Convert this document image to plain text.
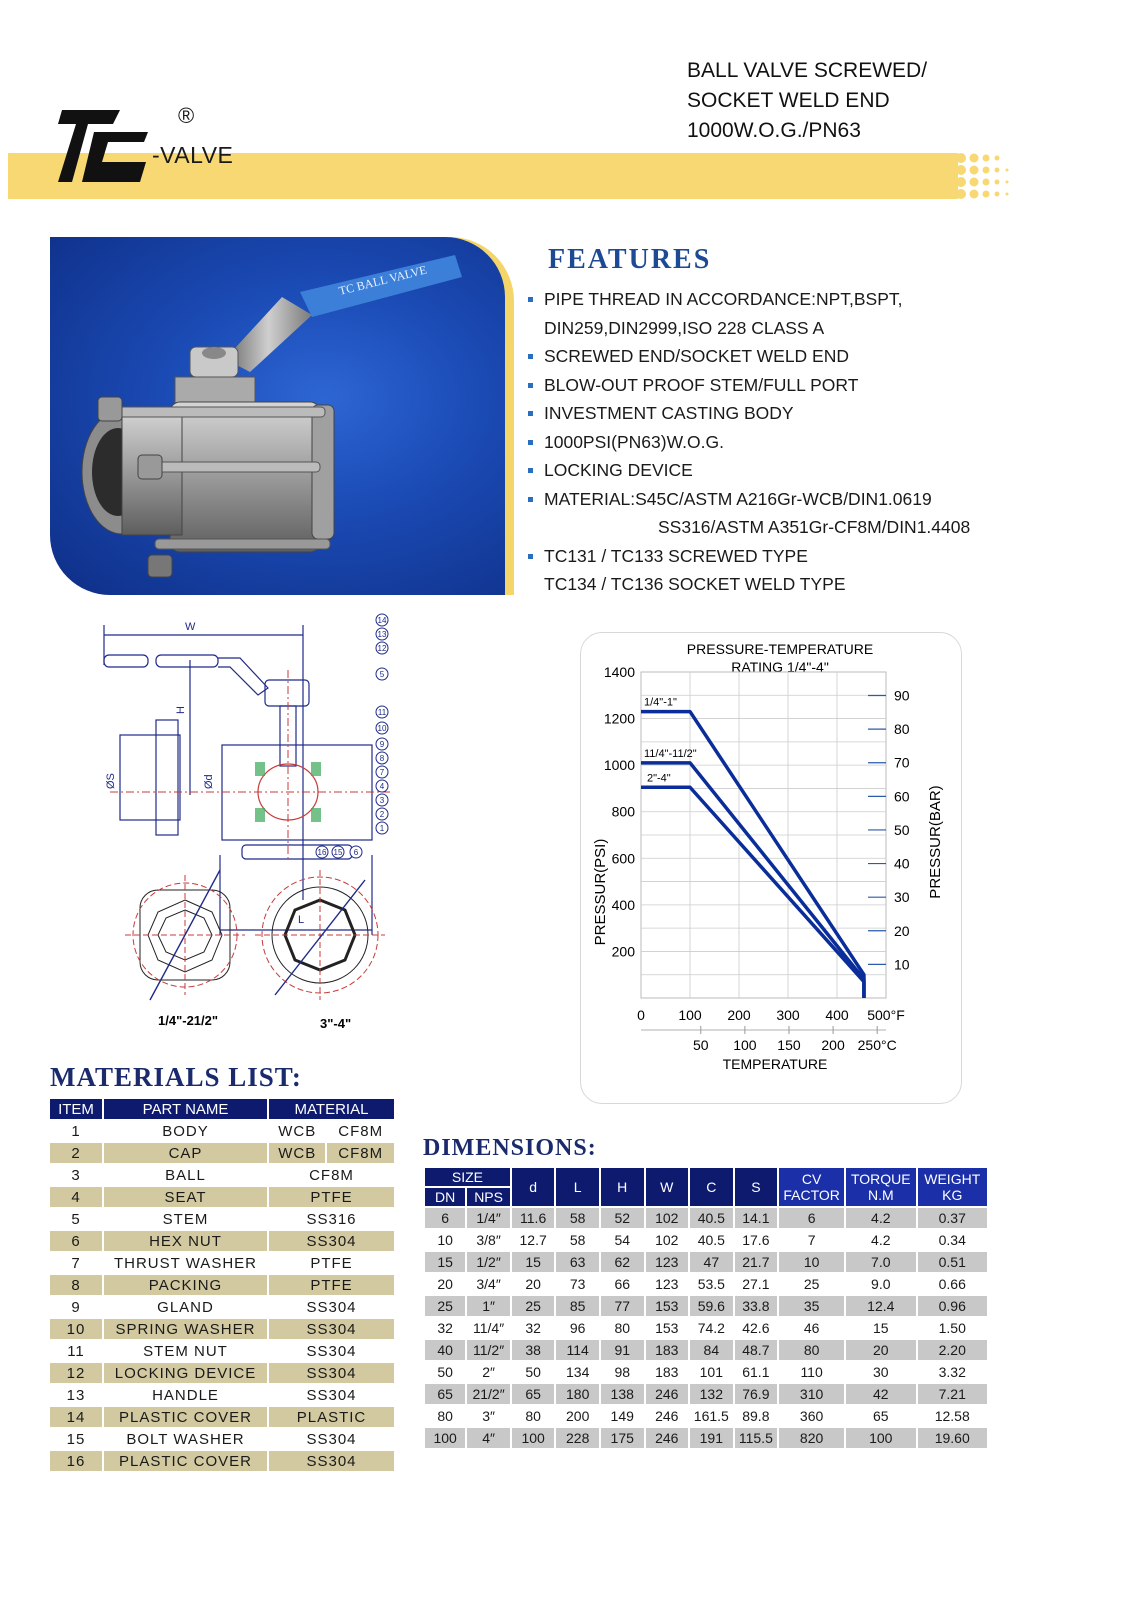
®
-VALVE
BALL VALVE SCREWED/
SOCKET WELD END
1000W.O.G./PN63
TC BALL VALVE
FEATURES
PIPE THREAD IN ACCORDANCE:NPT,BSPT,
DIN259,DIN2999,ISO 228 CLASS A
SCREWED END/SOCKET WELD END
BLOW-OUT PROOF STEM/FULL PORT
INVESTMENT CASTING BODY
1000PSI(PN63)W.O.G.
LOCKING DEVICE
MATERIAL:S45C/ASTM A216Gr-WCB/DIN1.0619
SS316/ASTM A351Gr-CF8M/DIN1.4408
TC131 / TC133 SCREWED TYPE
TC134 / TC136 SOCKET WELD TYPE
W
H
ØS	Ød
L
14
13
12
5
11
10
9
8
7
4
3
2
1
16 15 6
1/4"-21/2"	3"-4"
PRESSURE-TEMPERATURE
RATING 1/4"-4"
200
400
600
800
1000
1200
1400
10
20
30
40
50
60
70
80
90
0 100 200 300 400 500°F
50 100 150 200 250°C
1/4"-1"
11/4"-11/2"
2"-4"
PRESSUR(PSI)	PRESSUR(BAR)
TEMPERATURE
MATERIALS LIST:
ITEM	PART NAME	MATERIAL	
1	BODY	WCB	CF8M
2	CAP	WCB	CF8M
3	BALL	CF8M	
4	SEAT	PTFE	
5	STEM	SS316	
6	HEX NUT	SS304	
7	THRUST WASHER	PTFE	
8	PACKING	PTFE	
9	GLAND	SS304	
10	SPRING WASHER	SS304	
11	STEM NUT	SS304	
12	LOCKING DEVICE	SS304	
13	HANDLE	SS304	
14	PLASTIC COVER	PLASTIC	
15	BOLT WASHER	SS304	
16	PLASTIC COVER	SS304	
DIMENSIONS:
SIZE		d	L	H	W	C	S	CV FACTOR	TORQUE N.M	WEIGHT KG
DN	NPS									
6	1/4″	11.6	58	52	102	40.5	14.1	6	4.2	0.37
10	3/8″	12.7	58	54	102	40.5	17.6	7	4.2	0.34
15	1/2″	15	63	62	123	47	21.7	10	7.0	0.51
20	3/4″	20	73	66	123	53.5	27.1	25	9.0	0.66
25	1″	25	85	77	153	59.6	33.8	35	12.4	0.96
32	11/4″	32	96	80	153	74.2	42.6	46	15	1.50
40	11/2″	38	114	91	183	84	48.7	80	20	2.20
50	2″	50	134	98	183	101	61.1	110	30	3.32
65	21/2″	65	180	138	246	132	76.9	310	42	7.21
80	3″	80	200	149	246	161.5	89.8	360	65	12.58
100	4″	100	228	175	246	191	115.5	820	100	19.60
